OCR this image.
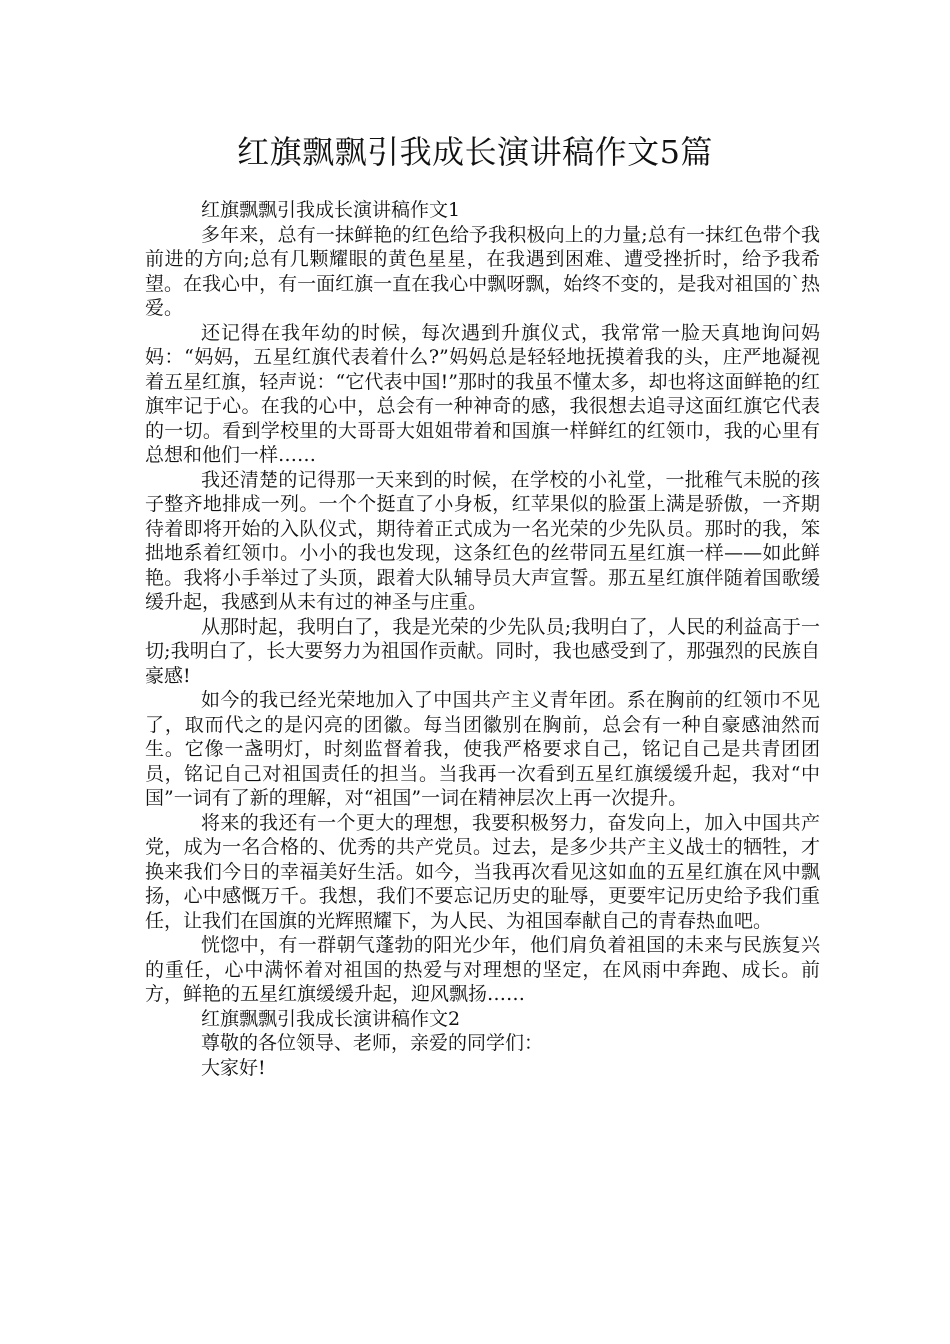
红旗飘飘引我成长演讲稿作文5篇

红旗飘飘引我成长演讲稿作文1

多年来，总有一抹鲜艳的红色给予我积极向上的力量;总有一抹红色带个我前进的方向;总有几颗耀眼的黄色星星，在我遇到困难、遭受挫折时，给予我希望。在我心中，有一面红旗一直在我心中飘呀飘，始终不变的，是我对祖国的`热爱。

还记得在我年幼的时候，每次遇到升旗仪式，我常常一脸天真地询问妈妈：“妈妈，五星红旗代表着什么?”妈妈总是轻轻地抚摸着我的头，庄严地凝视着五星红旗，轻声说：“它代表中国!”那时的我虽不懂太多，却也将这面鲜艳的红旗牢记于心。在我的心中，总会有一种神奇的感，我很想去追寻这面红旗它代表的一切。看到学校里的大哥哥大姐姐带着和国旗一样鲜红的红领巾，我的心里有总想和他们一样……

我还清楚的记得那一天来到的时候，在学校的小礼堂，一批稚气未脱的孩子整齐地排成一列。一个个挺直了小身板，红苹果似的脸蛋上满是骄傲，一齐期待着即将开始的入队仪式，期待着正式成为一名光荣的少先队员。那时的我，笨拙地系着红领巾。小小的我也发现，这条红色的丝带同五星红旗一样——如此鲜艳。我将小手举过了头顶，跟着大队辅导员大声宣誓。那五星红旗伴随着国歌缓缓升起，我感到从未有过的神圣与庄重。

从那时起，我明白了，我是光荣的少先队员;我明白了，人民的利益高于一切;我明白了，长大要努力为祖国作贡献。同时，我也感受到了，那强烈的民族自豪感!

如今的我已经光荣地加入了中国共产主义青年团。系在胸前的红领巾不见了，取而代之的是闪亮的团徽。每当团徽别在胸前，总会有一种自豪感油然而生。它像一盏明灯，时刻监督着我，使我严格要求自己，铭记自己是共青团团员，铭记自己对祖国责任的担当。当我再一次看到五星红旗缓缓升起，我对“中国”一词有了新的理解，对“祖国”一词在精神层次上再一次提升。

将来的我还有一个更大的理想，我要积极努力，奋发向上，加入中国共产党，成为一名合格的、优秀的共产党员。过去，是多少共产主义战士的牺牲，才换来我们今日的幸福美好生活。如今，当我再次看见这如血的五星红旗在风中飘扬，心中感慨万千。我想，我们不要忘记历史的耻辱，更要牢记历史给予我们重任，让我们在国旗的光辉照耀下，为人民、为祖国奉献自己的青春热血吧。

恍惚中，有一群朝气蓬勃的阳光少年，他们肩负着祖国的未来与民族复兴的重任，心中满怀着对祖国的热爱与对理想的坚定，在风雨中奔跑、成长。前方，鲜艳的五星红旗缓缓升起，迎风飘扬……

红旗飘飘引我成长演讲稿作文2

尊敬的各位领导、老师，亲爱的同学们：

大家好!
